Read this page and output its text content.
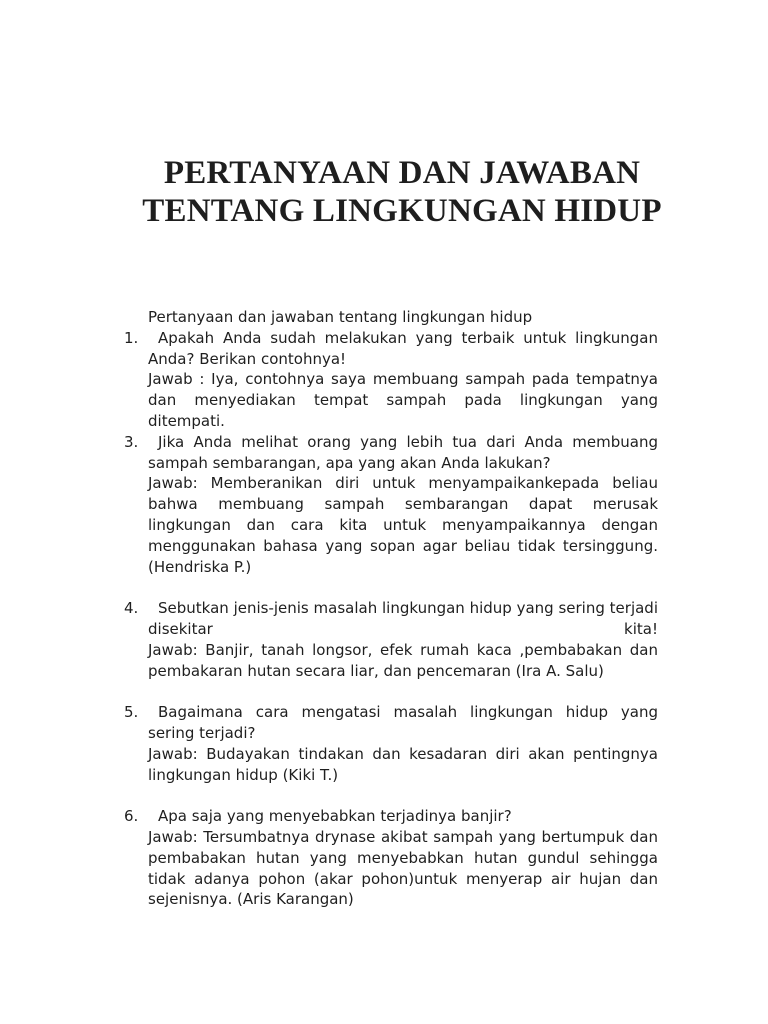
PERTANYAAN DAN JAWABAN TENTANG LINGKUNGAN HIDUP

Pertanyaan dan jawaban tentang lingkungan hidup

1.	Apakah Anda sudah melakukan yang terbaik untuk lingkungan Anda? Berikan contohnya!
Jawab : Iya, contohnya saya membuang sampah pada tempatnya dan menyediakan tempat sampah pada lingkungan yang ditempati.
3.	Jika Anda melihat orang yang lebih tua dari Anda membuang sampah sembarangan, apa yang akan Anda lakukan?
Jawab: Memberanikan diri untuk menyampaikankepada beliau bahwa membuang sampah sembarangan dapat merusak lingkungan dan cara kita untuk menyampaikannya dengan menggunakan bahasa yang sopan agar beliau tidak tersinggung. (Hendriska P.)
4.	Sebutkan jenis-jenis masalah lingkungan hidup yang sering terjadi disekitar kita!
Jawab: Banjir, tanah longsor, efek rumah kaca ,pembabakan dan pembakaran hutan secara liar, dan pencemaran (Ira A. Salu)
5.	Bagaimana cara mengatasi masalah lingkungan hidup yang sering terjadi?
Jawab: Budayakan tindakan dan kesadaran diri akan pentingnya lingkungan hidup (Kiki T.)
6.	Apa saja yang menyebabkan terjadinya banjir?
Jawab: Tersumbatnya drynase akibat sampah yang bertumpuk dan pembabakan hutan yang menyebabkan hutan gundul sehingga tidak adanya pohon (akar pohon)untuk menyerap air hujan dan sejenisnya. (Aris Karangan)
